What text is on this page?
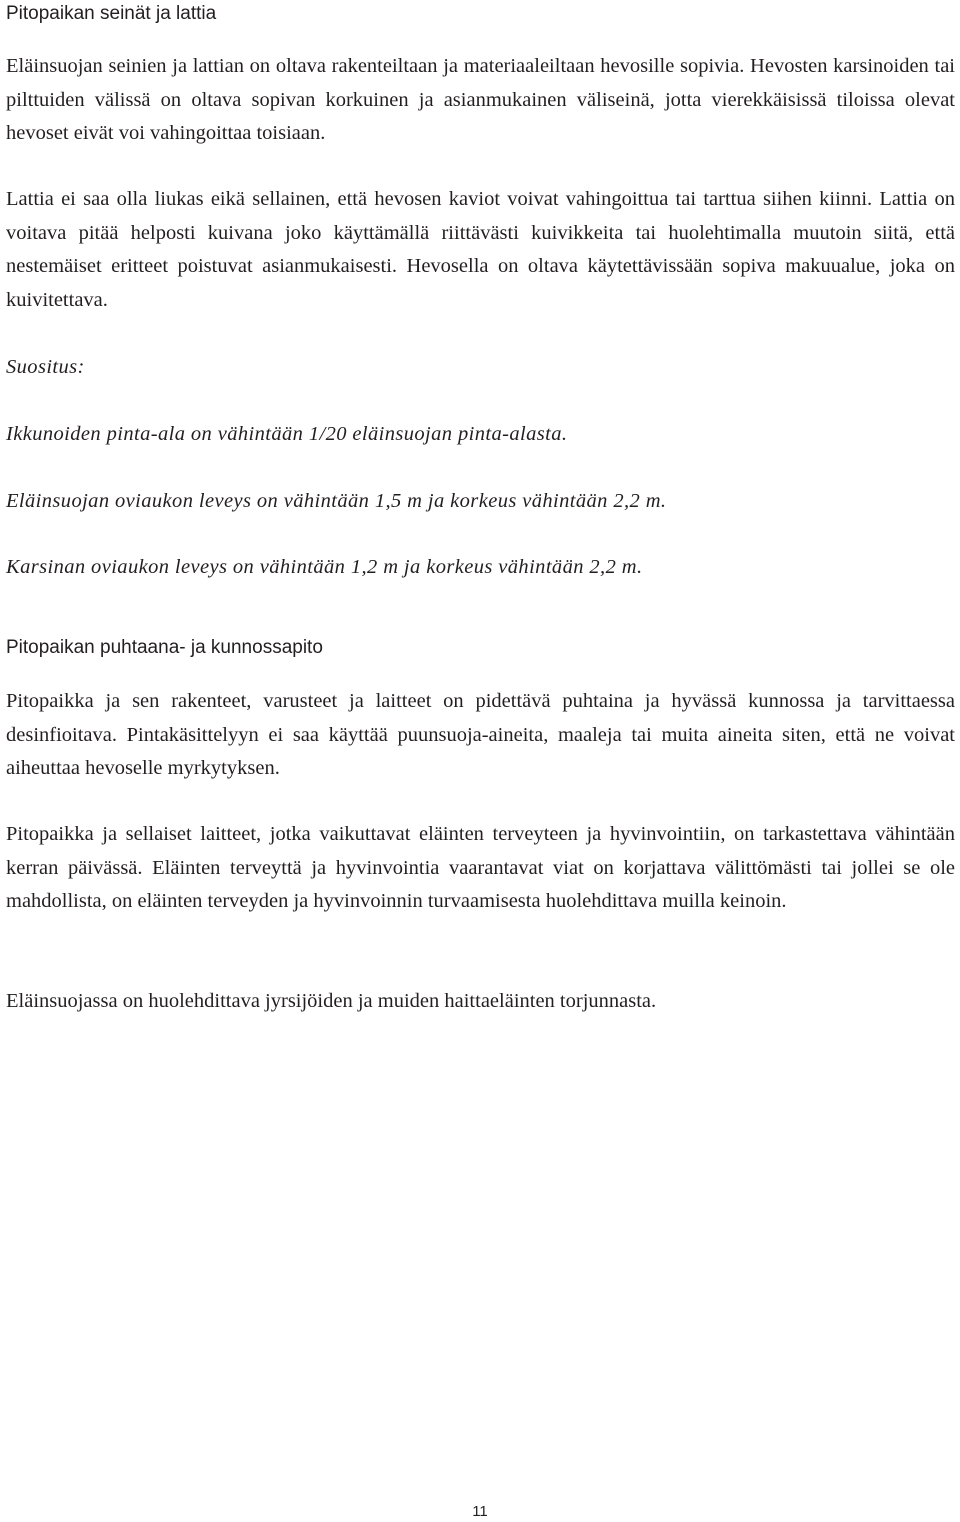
Pitopaikan seinät ja lattia

Eläinsuojan seinien ja lattian on oltava rakenteiltaan ja materiaaleiltaan hevosille sopivia. Hevosten karsinoiden tai pilttuiden välissä on oltava sopivan korkuinen ja asianmukainen väliseinä, jotta vierekkäisissä tiloissa olevat hevoset eivät voi vahingoittaa toisiaan.

Lattia ei saa olla liukas eikä sellainen, että hevosen kaviot voivat vahingoittua tai tarttua siihen kiinni. Lattia on voitava pitää helposti kuivana joko käyttämällä riittävästi kuivikkeita tai huolehtimalla muutoin siitä, että nestemäiset eritteet poistuvat asianmukaisesti. Hevosella on oltava käytettävissään sopiva makuualue, joka on kuivitettava.

Suositus:

Ikkunoiden pinta-ala on vähintään 1/20 eläinsuojan pinta-alasta.

Eläinsuojan oviaukon leveys on vähintään 1,5 m ja korkeus vähintään 2,2 m.

Karsinan oviaukon leveys on vähintään 1,2 m ja korkeus vähintään 2,2 m.

Pitopaikan puhtaana- ja kunnossapito

Pitopaikka ja sen rakenteet, varusteet ja laitteet on pidettävä puhtaina ja hyvässä kunnossa ja tarvittaessa desinfioitava. Pintakäsittelyyn ei saa käyttää puunsuoja-aineita, maaleja tai muita aineita siten, että ne voivat aiheuttaa hevoselle myrkytyksen.

Pitopaikka ja sellaiset laitteet, jotka vaikuttavat eläinten terveyteen ja hyvinvointiin, on tarkastettava vähintään kerran päivässä. Eläinten terveyttä ja hyvinvointia vaarantavat viat on korjattava välittömästi tai jollei se ole mahdollista, on eläinten terveyden ja hyvinvoinnin turvaamisesta huolehdittava muilla keinoin.

Eläinsuojassa on huolehdittava jyrsijöiden ja muiden haittaeläinten torjunnasta.

11
